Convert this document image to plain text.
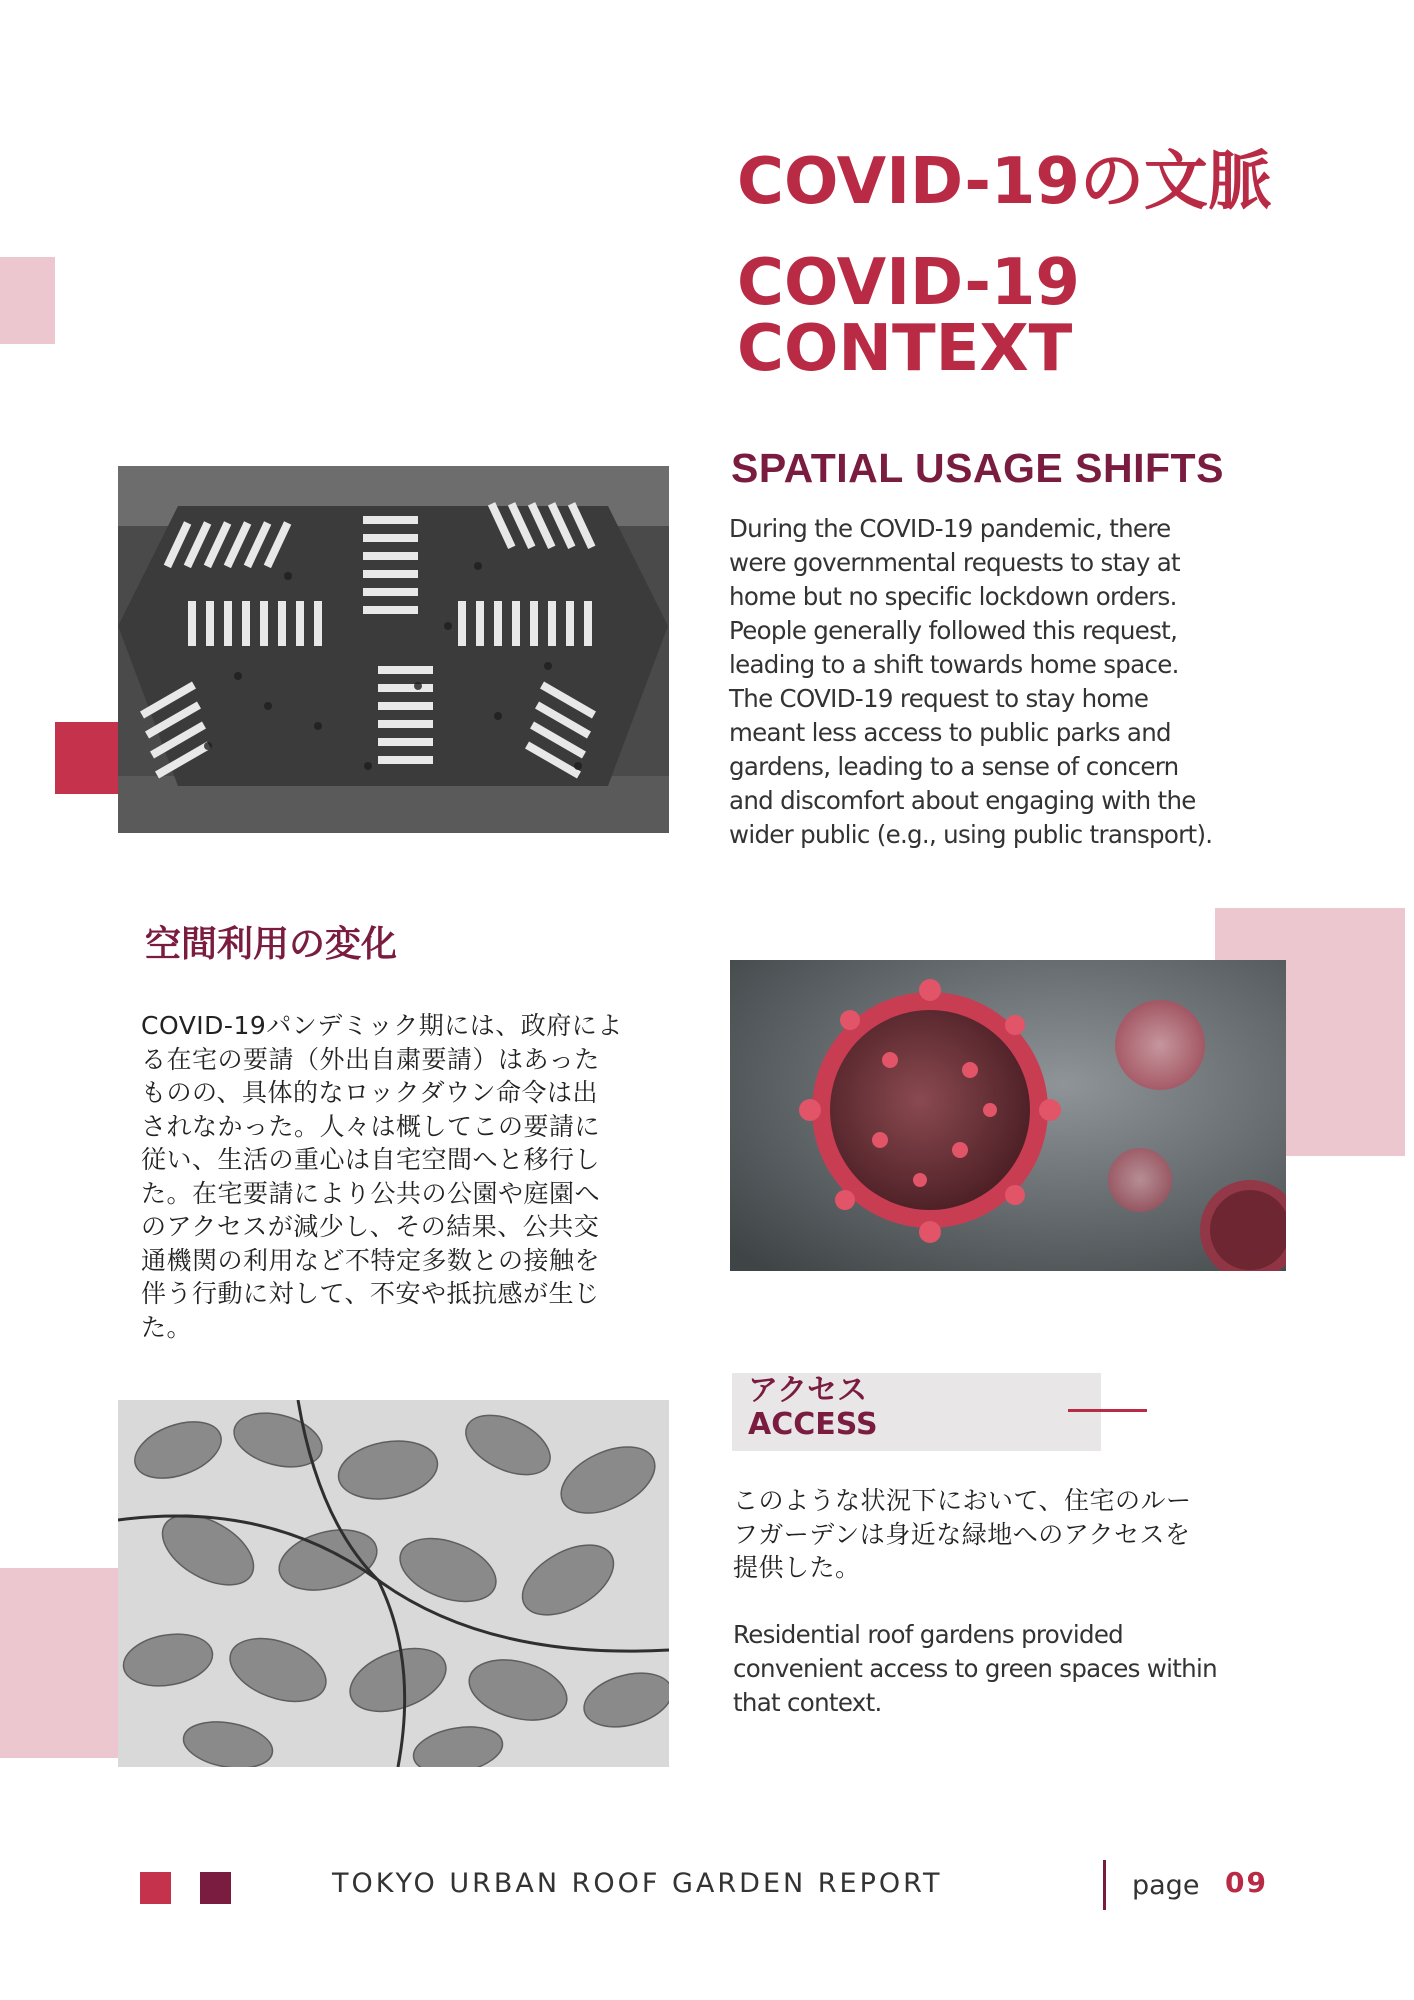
COVID-19の文脈
COVID-19
CONTEXT
SPATIAL USAGE SHIFTS
During the COVID-19 pandemic, there
were governmental requests to stay at
home but no specific lockdown orders.
People generally followed this request,
leading to a shift towards home space.
The COVID-19 request to stay home
meant less access to public parks and
gardens, leading to a sense of concern
and discomfort about engaging with the
wider public (e.g., using public transport).
空間利用の変化
COVID-19パンデミック期には、政府によ
る在宅の要請（外出自粛要請）はあった
ものの、具体的なロックダウン命令は出
されなかった。人々は概してこの要請に
従い、生活の重心は自宅空間へと移行し
た。在宅要請により公共の公園や庭園へ
のアクセスが減少し、その結果、公共交
通機関の利用など不特定多数との接触を
伴う行動に対して、不安や抵抗感が生じ
た。
アクセス
ACCESS
このような状況下において、住宅のルー
フガーデンは身近な緑地へのアクセスを
提供した。
Residential roof gardens provided
convenient access to green spaces within
that context.
TOKYO URBAN ROOF GARDEN REPORT	page 09
